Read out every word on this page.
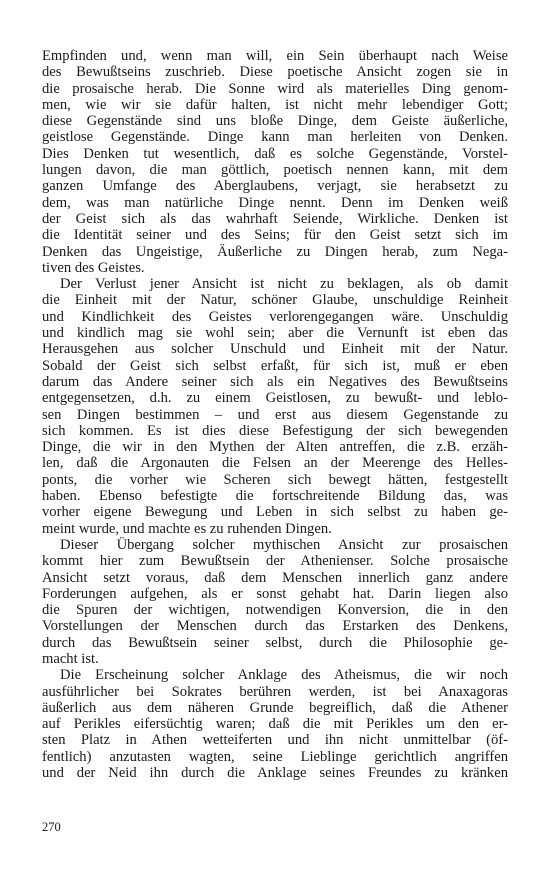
Empfinden und, wenn man will, ein Sein überhaupt nach Weise
des Bewußtseins zuschrieb. Diese poetische Ansicht zogen sie in
die prosaische herab. Die Sonne wird als materielles Ding genom-
men, wie wir sie dafür halten, ist nicht mehr lebendiger Gott;
diese Gegenstände sind uns bloße Dinge, dem Geiste äußerliche,
geistlose Gegenstände. Dinge kann man herleiten von Denken.
Dies Denken tut wesentlich, daß es solche Gegenstände, Vorstel-
lungen davon, die man göttlich, poetisch nennen kann, mit dem
ganzen Umfange des Aberglaubens, verjagt, sie herabsetzt zu
dem, was man natürliche Dinge nennt. Denn im Denken weiß
der Geist sich als das wahrhaft Seiende, Wirkliche. Denken ist
die Identität seiner und des Seins; für den Geist setzt sich im
Denken das Ungeistige, Äußerliche zu Dingen herab, zum Nega-
tiven des Geistes.
Der Verlust jener Ansicht ist nicht zu beklagen, als ob damit
die Einheit mit der Natur, schöner Glaube, unschuldige Reinheit
und Kindlichkeit des Geistes verlorengegangen wäre. Unschuldig
und kindlich mag sie wohl sein; aber die Vernunft ist eben das
Herausgehen aus solcher Unschuld und Einheit mit der Natur.
Sobald der Geist sich selbst erfaßt, für sich ist, muß er eben
darum das Andere seiner sich als ein Negatives des Bewußtseins
entgegensetzen, d.h. zu einem Geistlosen, zu bewußt- und leblo-
sen Dingen bestimmen – und erst aus diesem Gegenstande zu
sich kommen. Es ist dies diese Befestigung der sich bewegenden
Dinge, die wir in den Mythen der Alten antreffen, die z.B. erzäh-
len, daß die Argonauten die Felsen an der Meerenge des Helles-
ponts, die vorher wie Scheren sich bewegt hätten, festgestellt
haben. Ebenso befestigte die fortschreitende Bildung das, was
vorher eigene Bewegung und Leben in sich selbst zu haben ge-
meint wurde, und machte es zu ruhenden Dingen.
Dieser Übergang solcher mythischen Ansicht zur prosaischen
kommt hier zum Bewußtsein der Athenienser. Solche prosaische
Ansicht setzt voraus, daß dem Menschen innerlich ganz andere
Forderungen aufgehen, als er sonst gehabt hat. Darin liegen also
die Spuren der wichtigen, notwendigen Konversion, die in den
Vorstellungen der Menschen durch das Erstarken des Denkens,
durch das Bewußtsein seiner selbst, durch die Philosophie ge-
macht ist.
Die Erscheinung solcher Anklage des Atheismus, die wir noch
ausführlicher bei Sokrates berühren werden, ist bei Anaxagoras
äußerlich aus dem näheren Grunde begreiflich, daß die Athener
auf Perikles eifersüchtig waren; daß die mit Perikles um den er-
sten Platz in Athen wetteiferten und ihn nicht unmittelbar (öf-
fentlich) anzutasten wagten, seine Lieblinge gerichtlich angriffen
und der Neid ihn durch die Anklage seines Freundes zu kränken
270
